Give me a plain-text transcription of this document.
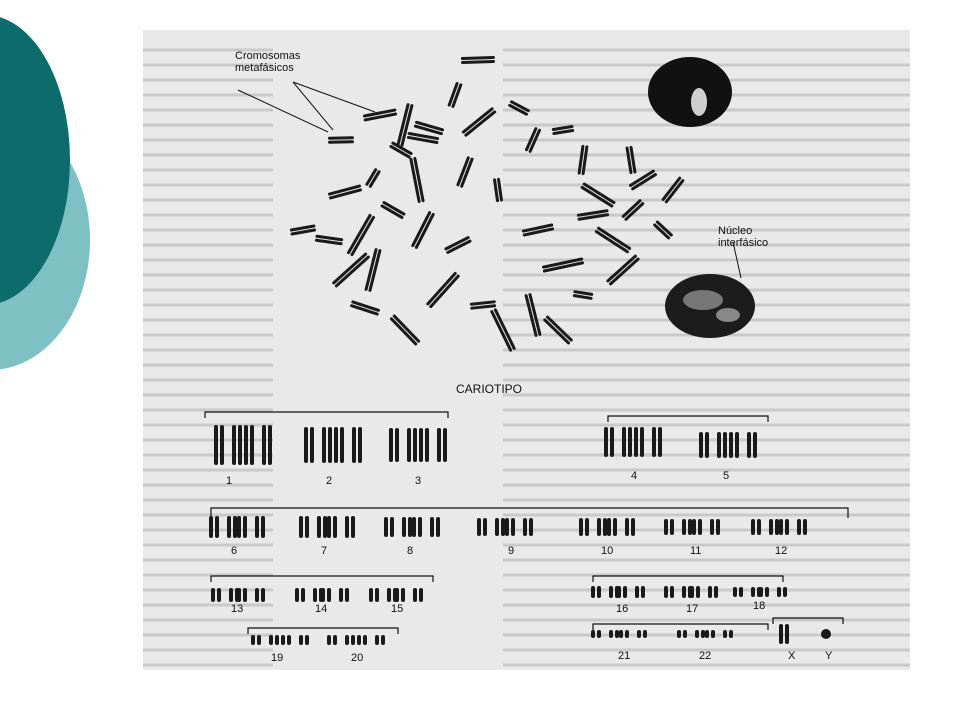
Cromosomas
metafásicos
Núcleo
interfásico
CARIOTIPO
1	2	3	4	5
6	7	8	9	10	11	12
13	14	15	16	17	18
19	20	21	22	X	Y
